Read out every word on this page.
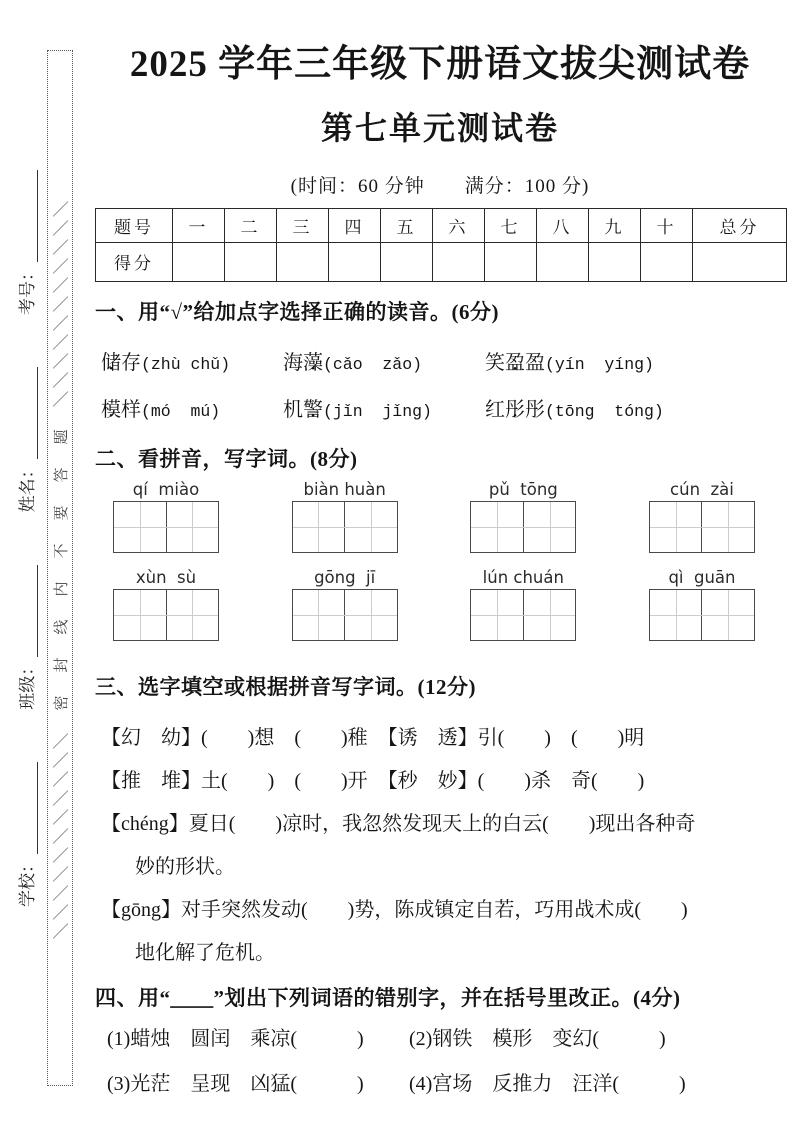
学校：
班级：
姓名：
考号：	╲╲╲╲╲╲╲╲╲╲╲　密　封　线　内　不　要　答　题　╲╲╲╲╲╲╲╲╲╲╲
2025 学年三年级下册语文拔尖测试卷
第七单元测试卷
(时间：60 分钟　　满分：100 分)
题号	一	二	三	四	五	六	七	八	九	十	总分
得分											
一、用“√”给加点字选择正确的读音。(6分)
储 •存(zhù chǔ)	海藻 •(cǎo  zǎo)	笑盈 •盈(yín  yíng)
模 •样(mó  mú)	机警 •(jǐn  jǐng)	红彤 •彤(tōng  tóng)
二、看拼音，写字词。(8分)
qí  miào	biàn huàn	pǔ  tōng	cún  zài
xùn  sù	gōng  jī	lún chuán	qì  guān
三、选字填空或根据拼音写字词。(12分)
【幻　幼】(　　)想　(　　)稚　【诱　透】引(　　)　(　　)明
【推　堆】土(　　)　(　　)开　【秒　妙】(　　)杀　奇(　　)
【chéng】夏日(　　)凉时，我忽然发现天上的白云(　　)现出各种奇
妙的形状。
【gōng】对手突然发动(　　)势，陈成镇定自若，巧用战术成(　　)
地化解了危机。
四、用“＿＿”划出下列词语的错别字，并在括号里改正。(4分)
(1)蜡烛　圆闰　乘凉(　　　)	(2)钢铁　模形　变幻(　　　)
(3)光茫　呈现　凶猛(　　　)	(4)宫场　反推力　汪洋(　　　)
